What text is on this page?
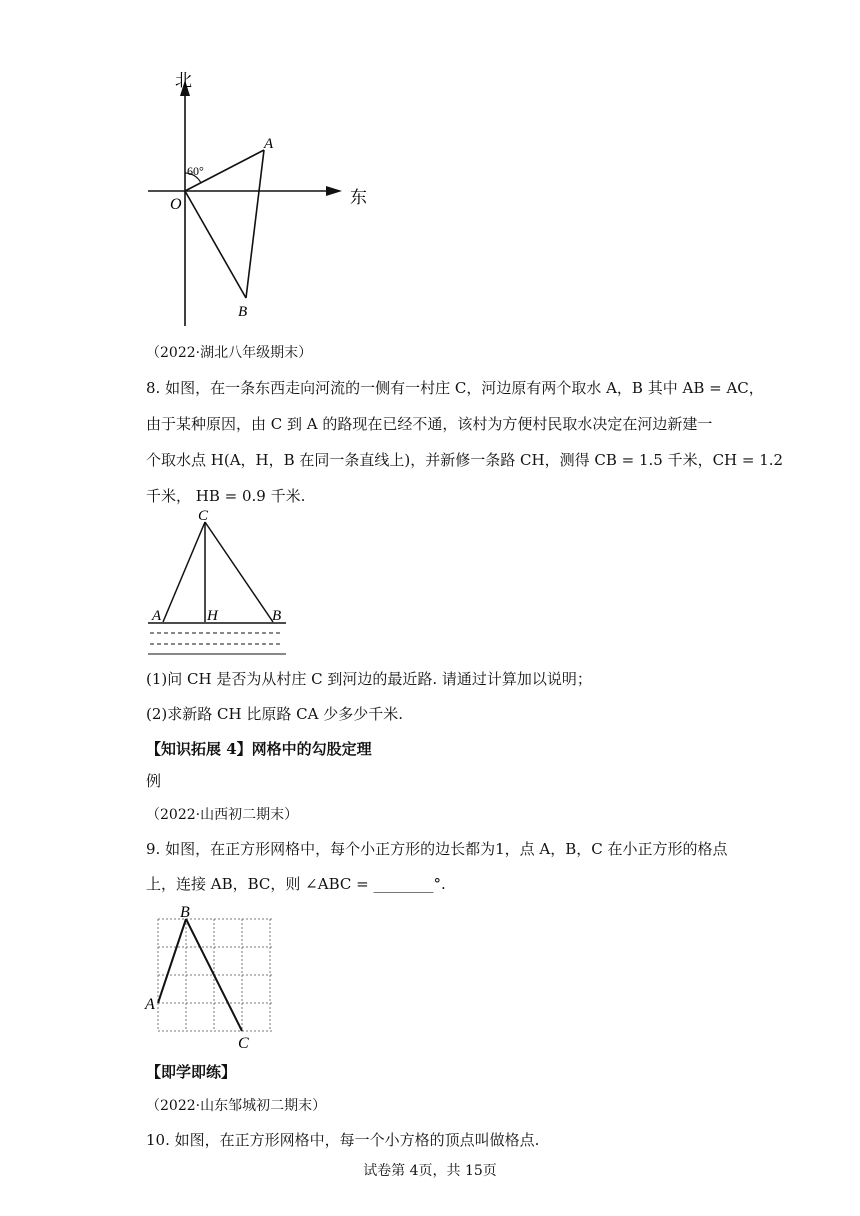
北
东
O
A
B
60°
（2022·湖北八年级期末）
8. 如图，在一条东西走向河流的一侧有一村庄 C，河边原有两个取水 A，B 其中 AB = AC，
由于某种原因，由 C 到 A 的路现在已经不通，该村为方便村民取水决定在河边新建一
个取水点 H(A，H，B 在同一条直线上)，并新修一条路 CH，测得 CB = 1.5 千米，CH = 1.2
千米， HB = 0.9 千米.
C
A	H	B
(1)问 CH 是否为从村庄 C 到河边的最近路. 请通过计算加以说明；
(2)求新路 CH 比原路 CA 少多少千米.
【知识拓展 4】网格中的勾股定理
例
（2022·山西初二期末）
9. 如图，在正方形网格中，每个小正方形的边长都为1，点 A，B，C 在小正方形的格点
上，连接 AB，BC，则 ∠ABC = ________°.
B
A
C
【即学即练】
（2022·山东邹城初二期末）
10. 如图，在正方形网格中，每一个小方格的顶点叫做格点.
试卷第 4页，共 15页
